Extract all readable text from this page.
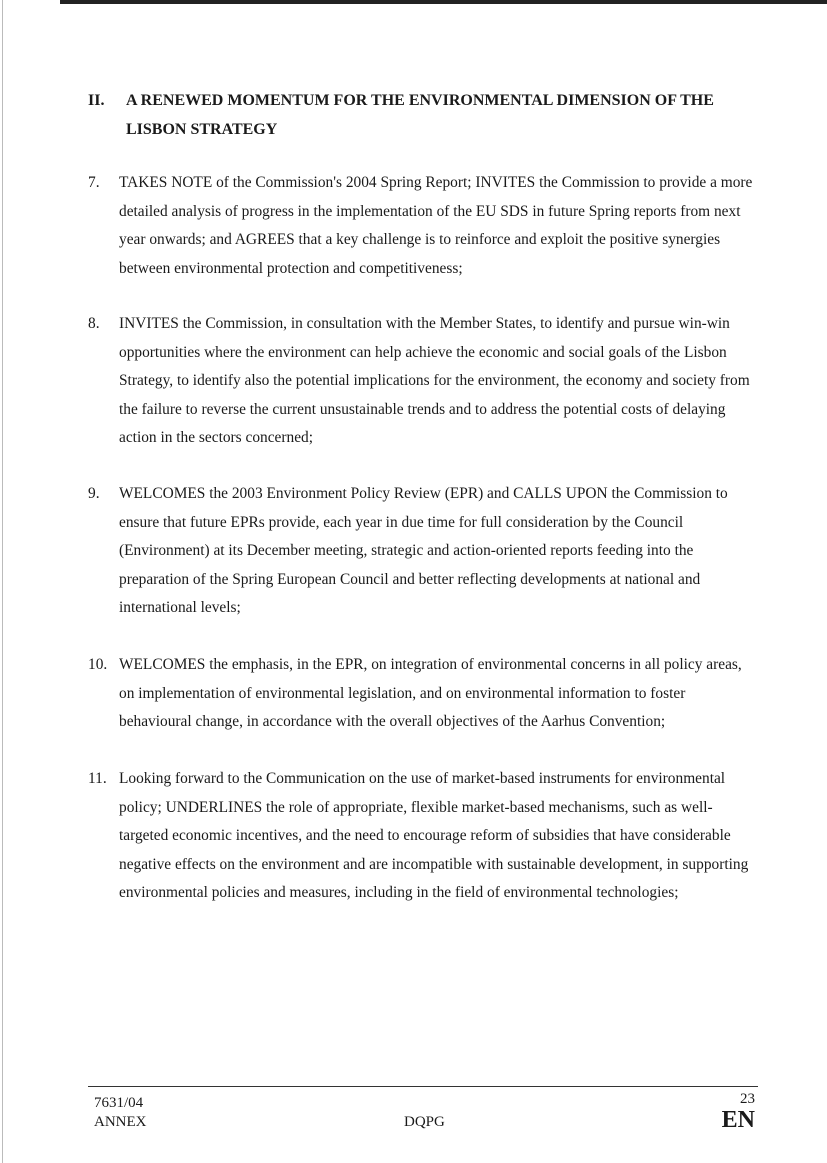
II.	A RENEWED MOMENTUM FOR THE ENVIRONMENTAL DIMENSION OF THE LISBON STRATEGY
7.	TAKES NOTE of the Commission's 2004 Spring Report; INVITES the Commission to provide a more detailed analysis of progress in the implementation of the EU SDS in future Spring reports from next year onwards; and AGREES that a key challenge is to reinforce and exploit the positive synergies between environmental protection and competitiveness;
8.	INVITES the Commission, in consultation with the Member States, to identify and pursue win-win opportunities where the environment can help achieve the economic and social goals of the Lisbon Strategy, to identify also the potential implications for the environment, the economy and society from the failure to reverse the current unsustainable trends and to address the potential costs of delaying action in the sectors concerned;
9.	WELCOMES the 2003 Environment Policy Review (EPR) and CALLS UPON the Commission to ensure that future EPRs provide, each year in due time for full consideration by the Council (Environment) at its December meeting, strategic and action-oriented reports feeding into the preparation of the Spring European Council and better reflecting developments at national and international levels;
10. WELCOMES the emphasis, in the EPR, on integration of environmental concerns in all policy areas, on implementation of environmental legislation, and on environmental information to foster behavioural change, in accordance with the overall objectives of the Aarhus Convention;
11. Looking forward to the Communication on the use of market-based instruments for environmental policy; UNDERLINES the role of appropriate, flexible market-based mechanisms, such as well-targeted economic incentives, and the need to encourage reform of subsidies that have considerable negative effects on the environment and are incompatible with sustainable development, in supporting environmental policies and measures, including in the field of environmental technologies;
7631/04
ANNEX	DQPG
23
EN
